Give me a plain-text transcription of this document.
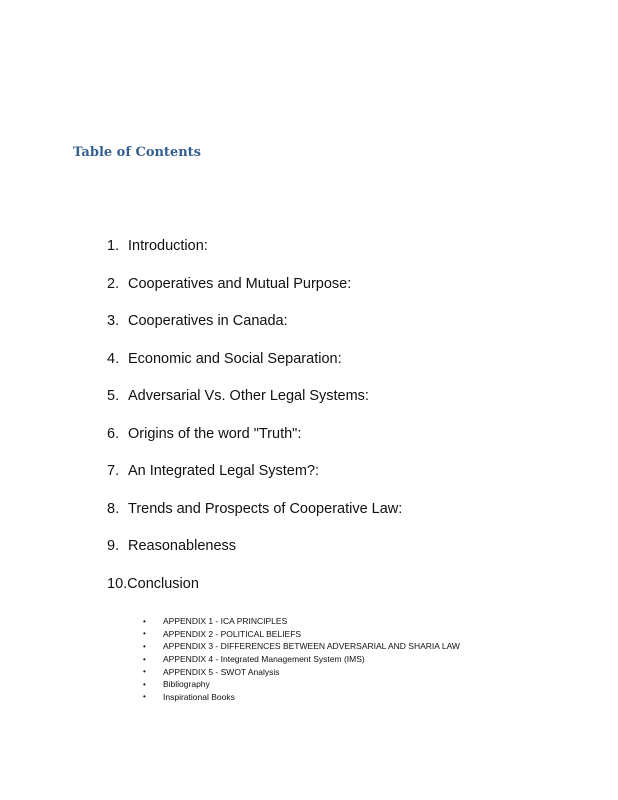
Table of Contents
1. Introduction:
2. Cooperatives and Mutual Purpose:
3. Cooperatives in Canada:
4. Economic and Social Separation:
5. Adversarial Vs. Other Legal Systems:
6. Origins of the word "Truth":
7. An Integrated Legal System?:
8. Trends and Prospects of Cooperative Law:
9. Reasonableness
10. Conclusion
•	APPENDIX 1 - ICA PRINCIPLES
•	APPENDIX 2 - POLITICAL BELIEFS
•	APPENDIX 3 - DIFFERENCES BETWEEN ADVERSARIAL AND SHARIA LAW
•	APPENDIX 4 - Integrated Management System (IMS)
•	APPENDIX 5 - SWOT Analysis
•	Bibliography
•	Inspirational Books
